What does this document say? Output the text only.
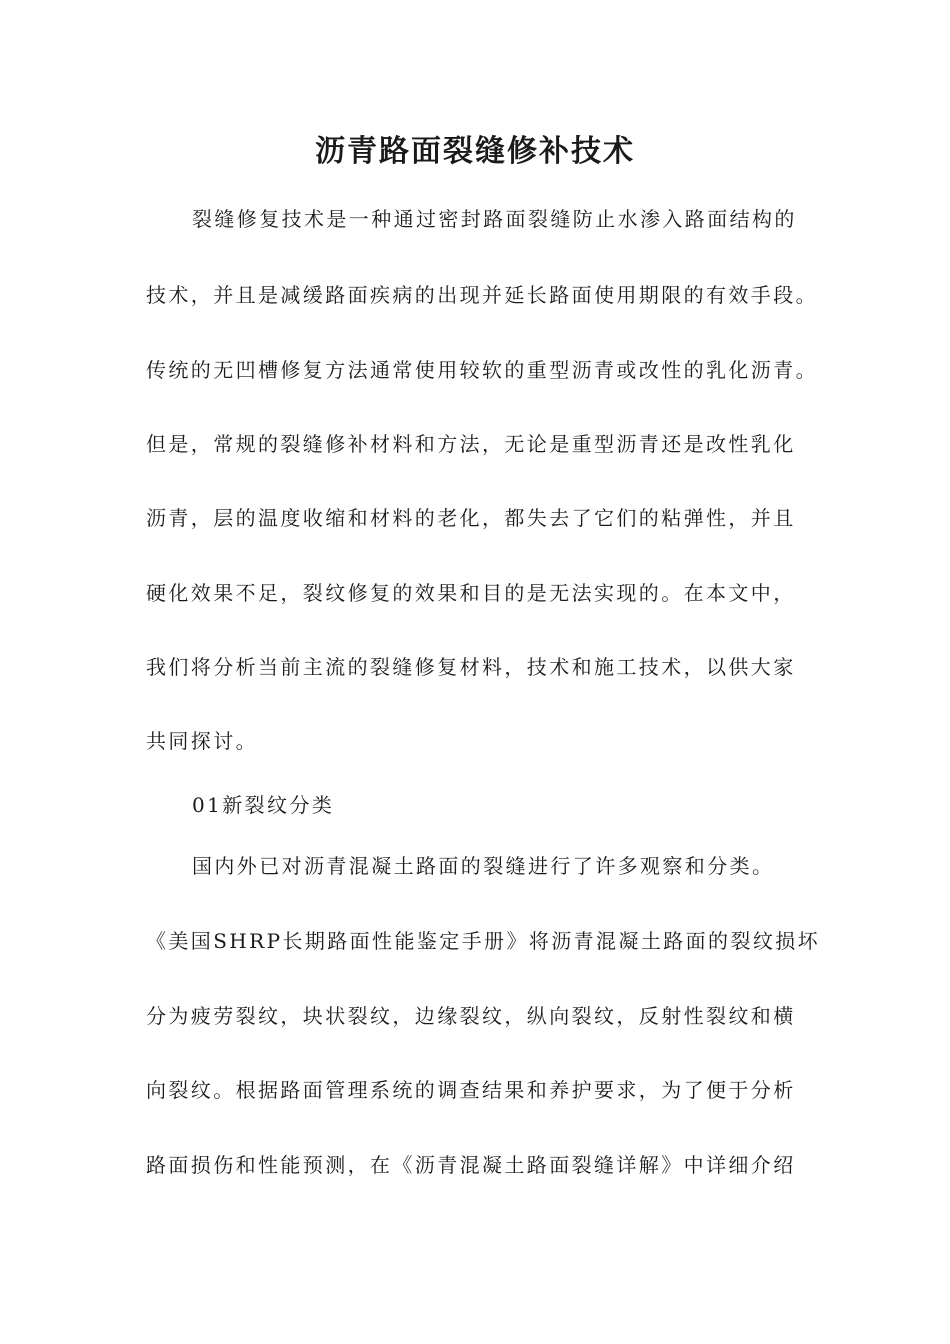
沥青路面裂缝修补技术

裂缝修复技术是一种通过密封路面裂缝防止水渗入路面结构的

技术，并且是减缓路面疾病的出现并延长路面使用期限的有效手段。

传统的无凹槽修复方法通常使用较软的重型沥青或改性的乳化沥青。

但是，常规的裂缝修补材料和方法，无论是重型沥青还是改性乳化

沥青，层的温度收缩和材料的老化，都失去了它们的粘弹性，并且

硬化效果不足，裂纹修复的效果和目的是无法实现的。在本文中，

我们将分析当前主流的裂缝修复材料，技术和施工技术，以供大家

共同探讨。

01新裂纹分类

国内外已对沥青混凝土路面的裂缝进行了许多观察和分类。

《美国SHRP长期路面性能鉴定手册》将沥青混凝土路面的裂纹损坏

分为疲劳裂纹，块状裂纹，边缘裂纹，纵向裂纹，反射性裂纹和横

向裂纹。根据路面管理系统的调查结果和养护要求，为了便于分析

路面损伤和性能预测，在《沥青混凝土路面裂缝详解》中详细介绍
